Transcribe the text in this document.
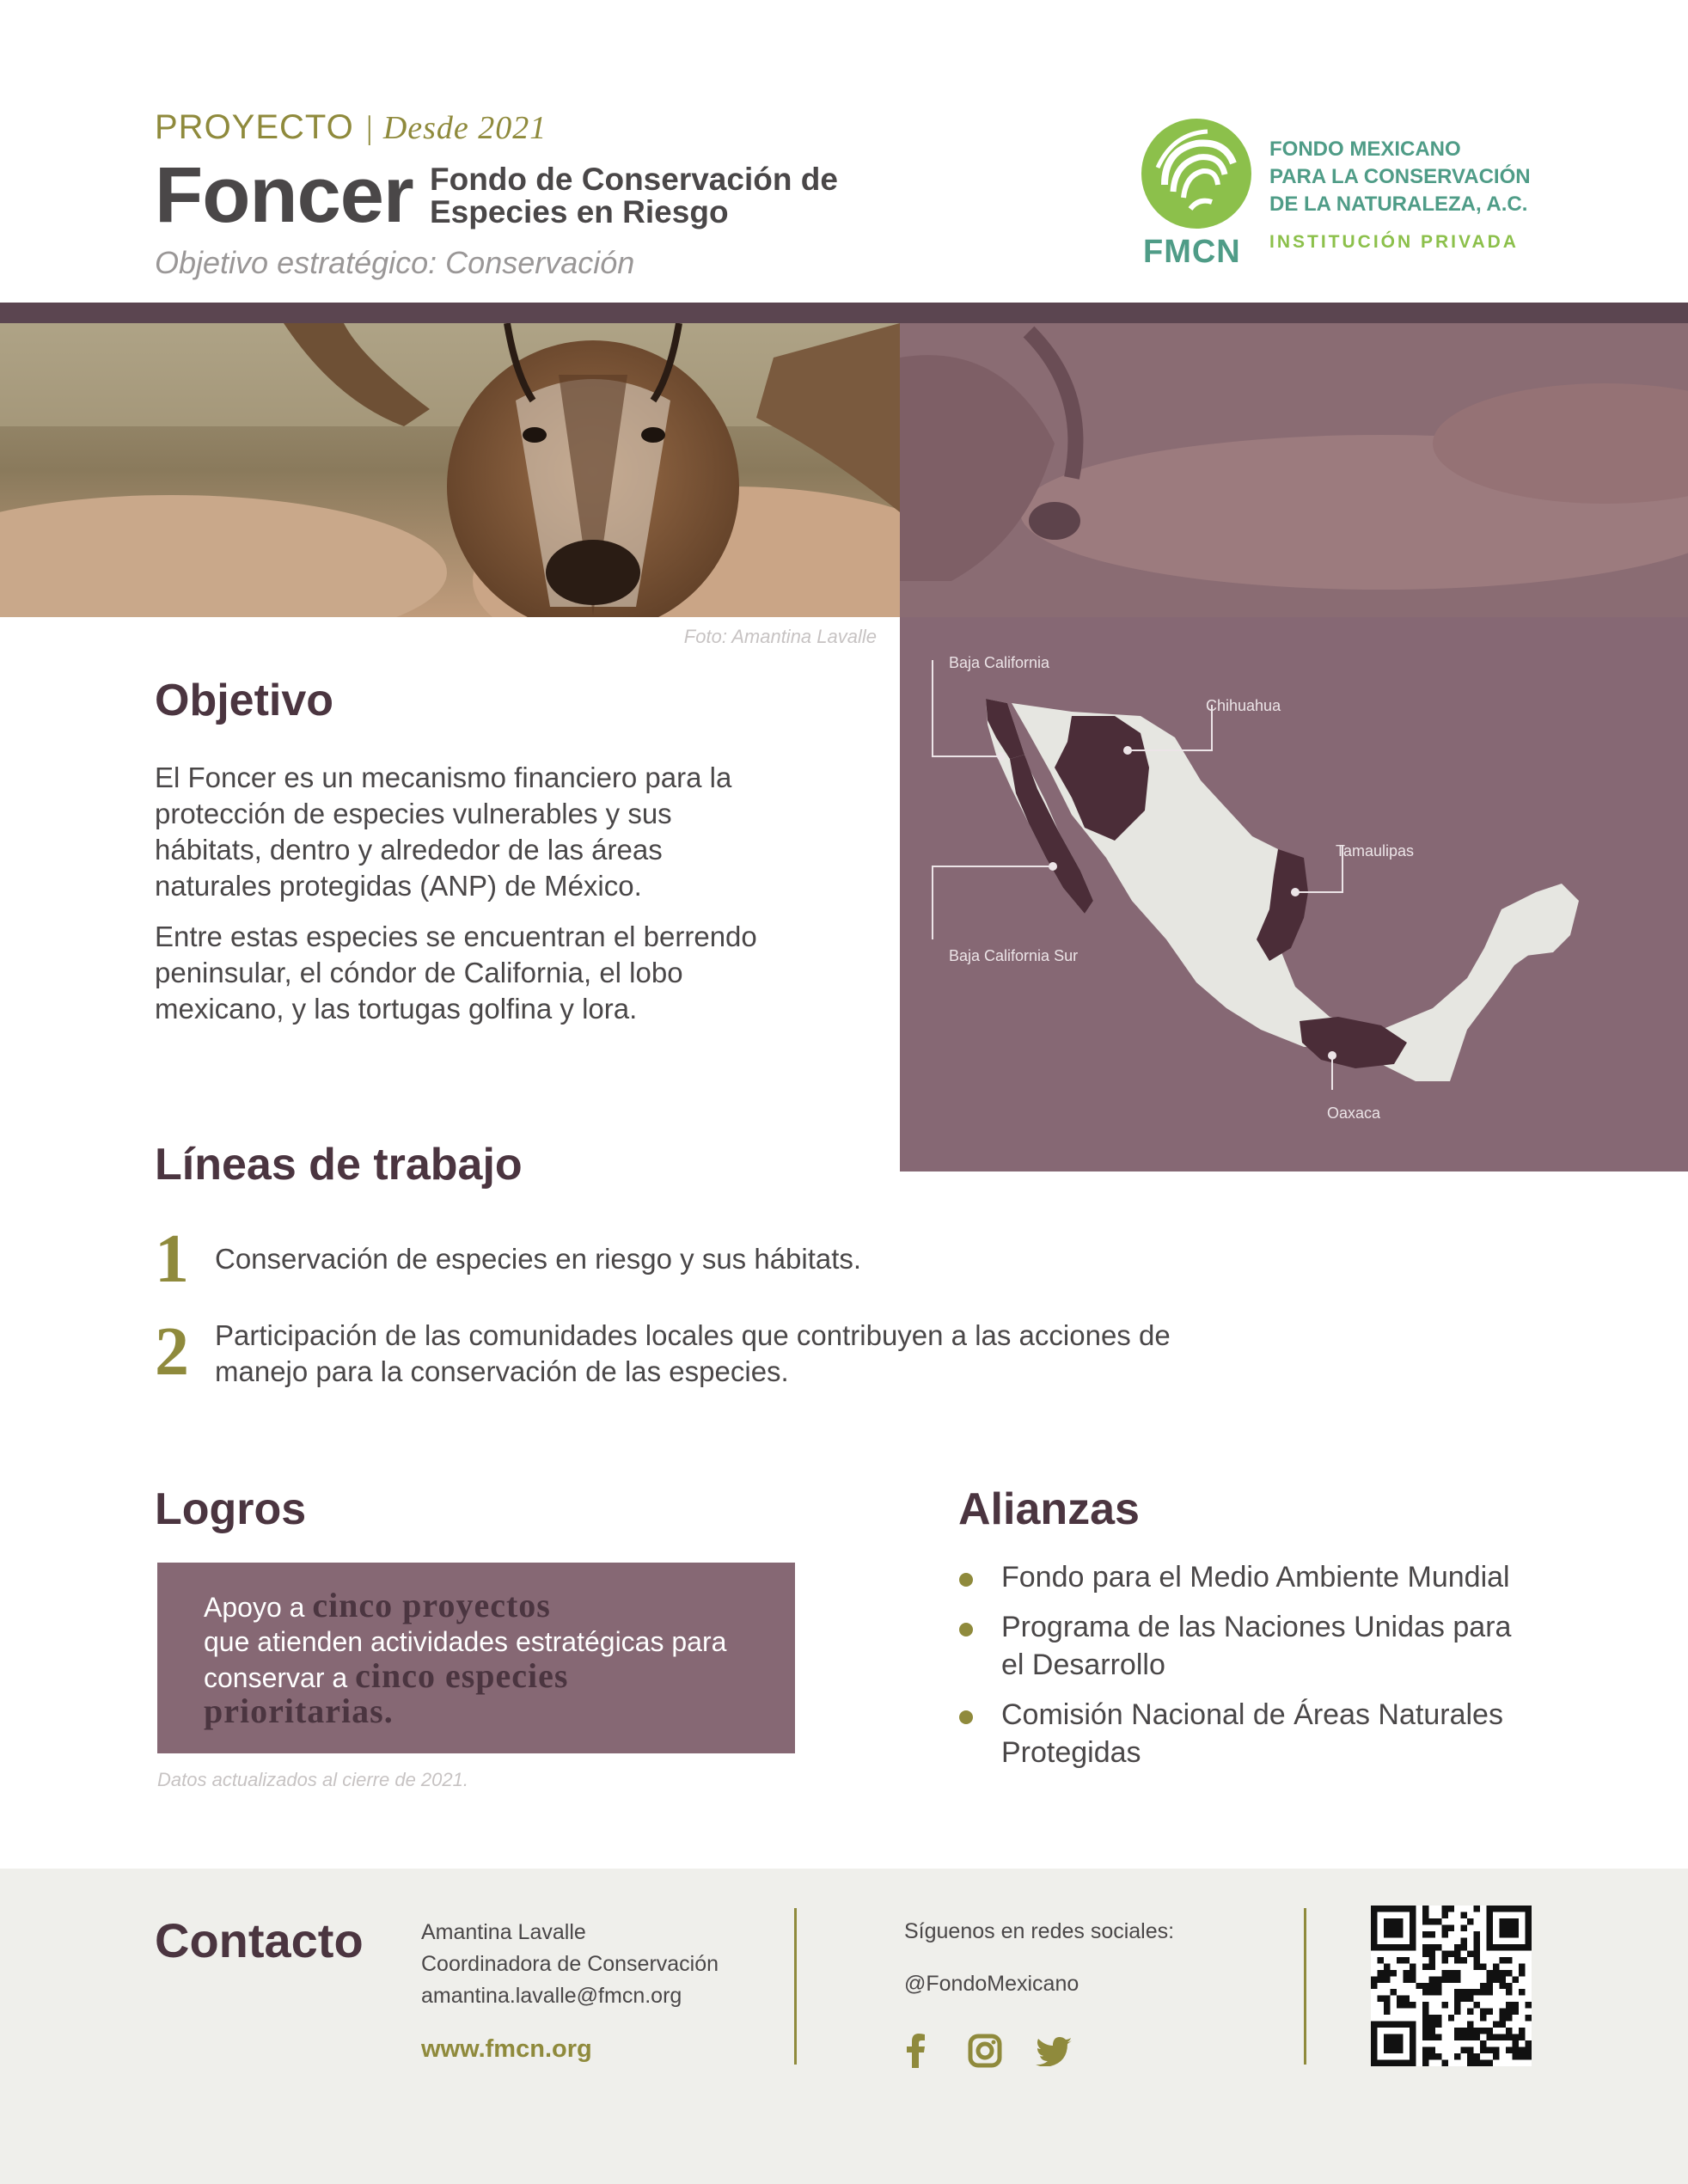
PROYECTO | Desde 2021
Foncer Fondo de Conservación de Especies en Riesgo
Objetivo estratégico: Conservación	FMCN
FONDO MEXICANO
PARA LA CONSERVACIÓN
DE LA NATURALEZA, A.C.
INSTITUCIÓN PRIVADA
Foto: Amantina Lavalle
Baja California
Chihuahua
Tamaulipas
Baja California Sur
Oaxaca
Objetivo
El Foncer es un mecanismo financiero para la
protección de especies vulnerables y sus
hábitats, dentro y alrededor de las áreas
naturales protegidas (ANP) de México.
Entre estas especies se encuentran el berrendo
peninsular, el cóndor de California, el lobo
mexicano, y las tortugas golfina y lora.
Líneas de trabajo
1 Conservación de especies en riesgo y sus hábitats.
2 Participación de las comunidades locales que contribuyen a las acciones de
manejo para la conservación de las especies.
Logros
Apoyo a cinco proyectos
que atienden actividades estratégicas para
conservar a cinco especies
prioritarias.
Datos actualizados al cierre de 2021.
Alianzas
Fondo para el Medio Ambiente Mundial
Programa de las Naciones Unidas para
el Desarrollo
Comisión Nacional de Áreas Naturales
Protegidas
Contacto	Amantina Lavalle
Coordinadora de Conservación
amantina.lavalle@fmcn.org
www.fmcn.org
Síguenos en redes sociales:
@FondoMexicano
